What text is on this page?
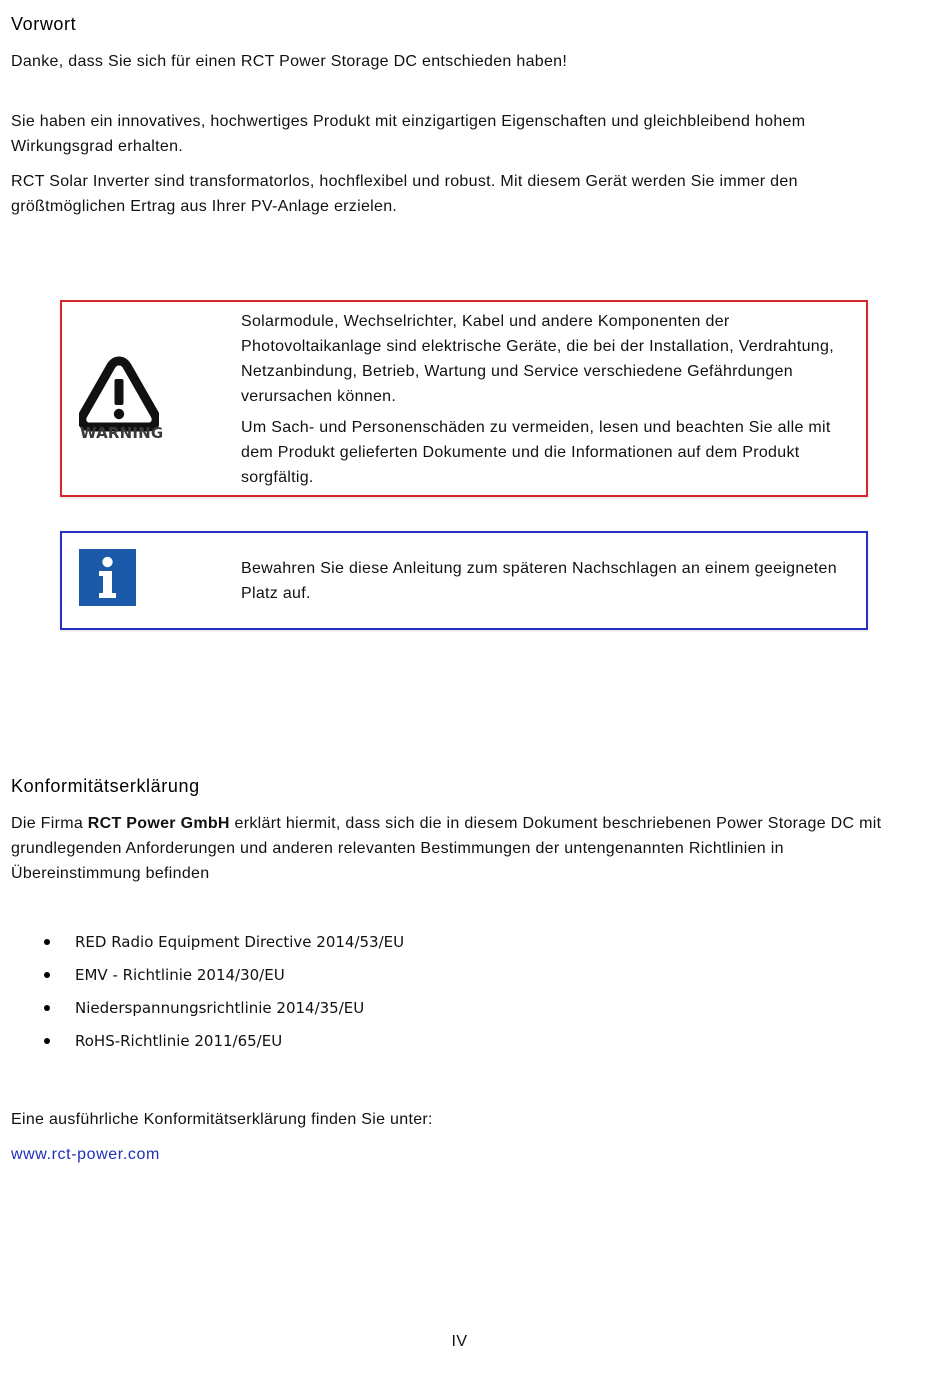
Vorwort

Danke, dass Sie sich für einen RCT Power Storage DC entschieden haben!

Sie haben ein innovatives, hochwertiges Produkt mit einzigartigen Eigenschaften und gleichbleibend hohem Wirkungsgrad erhalten.

RCT Solar Inverter sind transformatorlos, hochflexibel und robust. Mit diesem Gerät werden Sie immer den größtmöglichen Ertrag aus Ihrer PV-Anlage erzielen.

WARNING

Solarmodule, Wechselrichter, Kabel und andere Komponenten der Photovoltaikanlage sind elektrische Geräte, die bei der Installation, Verdrahtung, Netzanbindung, Betrieb, Wartung und Service verschiedene Gefährdungen verursachen können.

Um Sach- und Personenschäden zu vermeiden, lesen und beachten Sie alle mit dem Produkt gelieferten Dokumente und die Informationen auf dem Produkt sorgfältig.

Bewahren Sie diese Anleitung zum späteren Nachschlagen an einem geeigneten Platz auf.

Konformitätserklärung

Die Firma RCT Power GmbH erklärt hiermit, dass sich die in diesem Dokument beschriebenen Power Storage DC mit grundlegenden Anforderungen und anderen relevanten Bestimmungen der untengenannten Richtlinien in Übereinstimmung befinden

RED Radio Equipment Directive 2014/53/EU
EMV - Richtlinie 2014/30/EU
Niederspannungsrichtlinie 2014/35/EU
RoHS-Richtlinie 2011/65/EU

Eine ausführliche Konformitätserklärung finden Sie unter:

www.rct-power.com
IV
